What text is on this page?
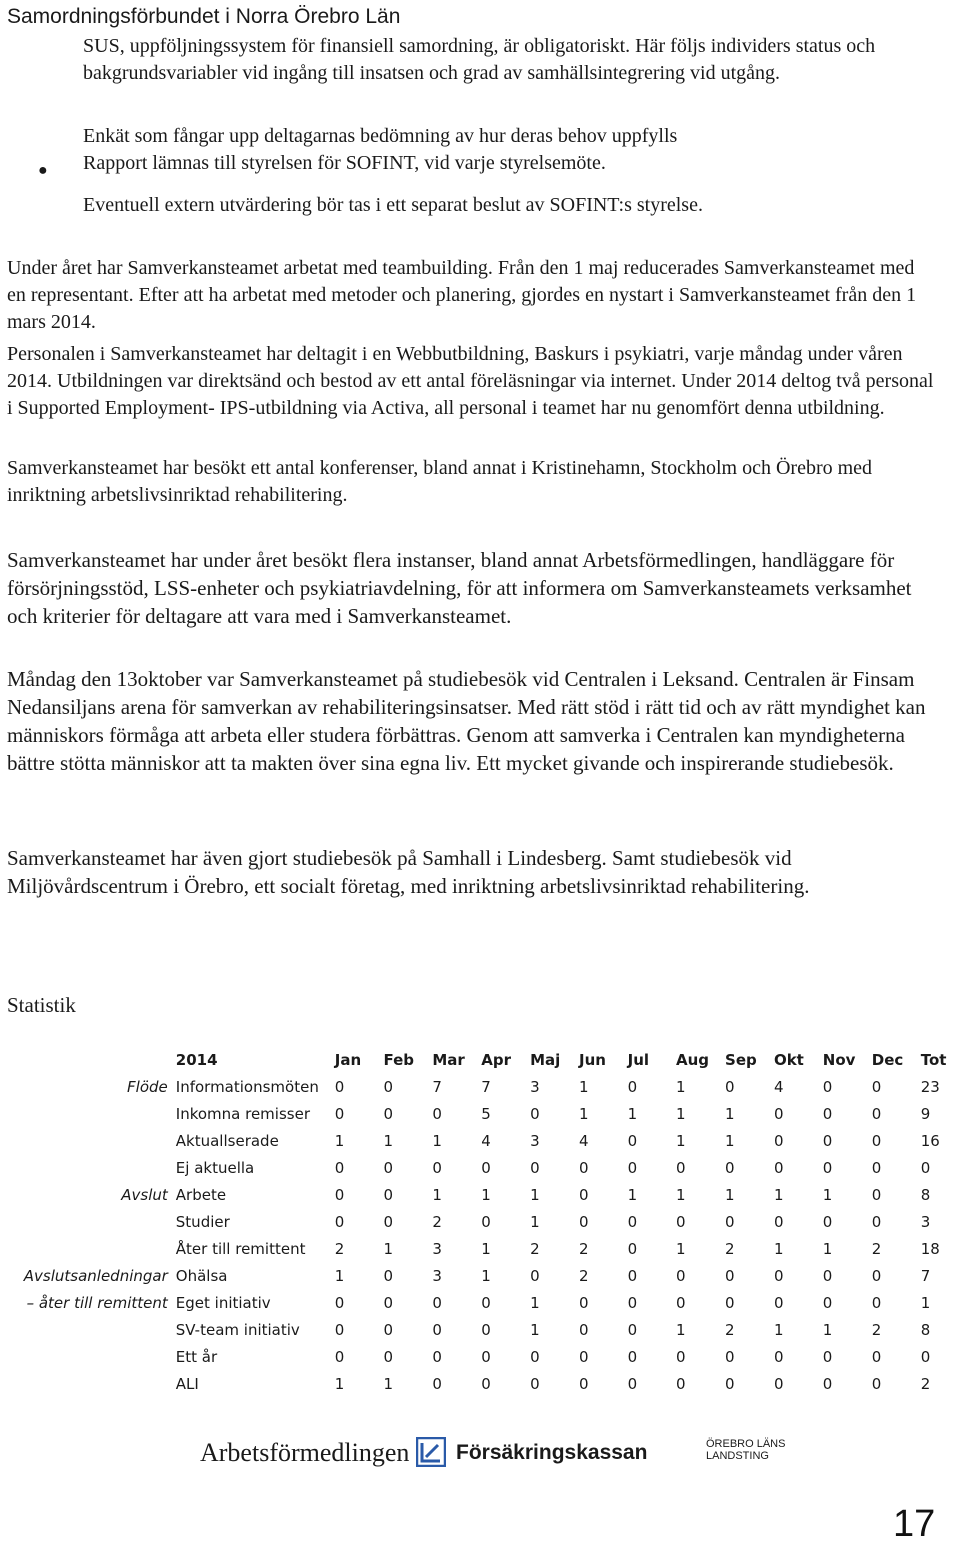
Samordningsförbundet i Norra Örebro Län
SUS, uppföljningssystem för finansiell samordning, är obligatoriskt. Här följs individers status och bakgrundsvariabler vid ingång till insatsen och grad av samhällsintegrering vid utgång.
Enkät som fångar upp deltagarnas bedömning av hur deras behov uppfylls
● Rapport lämnas till styrelsen för SOFINT, vid varje styrelsemöte.
Eventuell extern utvärdering bör tas i ett separat beslut av SOFINT:s styrelse.
Under året har Samverkansteamet arbetat med teambuilding. Från den 1 maj reducerades Samverkansteamet med en representant. Efter att ha arbetat med metoder och planering, gjordes en nystart i Samverkansteamet från den 1 mars 2014.
Personalen i Samverkansteamet har deltagit i en Webbutbildning, Baskurs i psykiatri, varje måndag under våren 2014. Utbildningen var direktsänd och bestod av ett antal föreläsningar via internet. Under 2014 deltog två personal i Supported Employment- IPS-utbildning via Activa, all personal i teamet har nu genomfört denna utbildning.
Samverkansteamet har besökt ett antal konferenser, bland annat i Kristinehamn, Stockholm och Örebro med inriktning arbetslivsinriktad rehabilitering.
Samverkansteamet har under året besökt flera instanser, bland annat Arbetsförmedlingen, handläggare för försörjningsstöd, LSS-enheter och psykiatriavdelning, för att informera om Samverkansteamets verksamhet och kriterier för deltagare att vara med i Samverkansteamet.
Måndag den 13oktober var Samverkansteamet på studiebesök vid Centralen i Leksand. Centralen är Finsam Nedansiljans arena för samverkan av rehabiliteringsinsatser. Med rätt stöd i rätt tid och av rätt myndighet kan människors förmåga att arbeta eller studera förbättras. Genom att samverka i Centralen kan myndigheterna bättre stötta människor att ta makten över sina egna liv. Ett mycket givande och inspirerande studiebesök.
Samverkansteamet har även gjort studiebesök på Samhall i Lindesberg. Samt studiebesök vid Miljövårdscentrum i Örebro, ett socialt företag, med inriktning arbetslivsinriktad rehabilitering.
Statistik
	2014	Jan	Feb	Mar	Apr	Maj	Jun	Jul	Aug	Sep	Okt	Nov	Dec	Tot
Flöde	Informationsmöten	0	0	7	7	3	1	0	1	0	4	0	0	23
	Inkomna remisser	0	0	0	5	0	1	1	1	1	0	0	0	9
	Aktuallserade	1	1	1	4	3	4	0	1	1	0	0	0	16
	Ej aktuella	0	0	0	0	0	0	0	0	0	0	0	0	0
Avslut	Arbete	0	0	1	1	1	0	1	1	1	1	1	0	8
	Studier	0	0	2	0	1	0	0	0	0	0	0	0	3
	Åter till remittent	2	1	3	1	2	2	0	1	2	1	1	2	18
Avslutsanledningar	Ohälsa	1	0	3	1	0	2	0	0	0	0	0	0	7
– åter till remittent	Eget initiativ	0	0	0	0	1	0	0	0	0	0	0	0	1
	SV-team initiativ	0	0	0	0	1	0	0	1	2	1	1	2	8
	Ett år	0	0	0	0	0	0	0	0	0	0	0	0	0
	ALI	1	1	0	0	0	0	0	0	0	0	0	0	2
Arbetsförmedlingen Försäkringskassan	ÖREBRO LÄNS
LANDSTING
17
